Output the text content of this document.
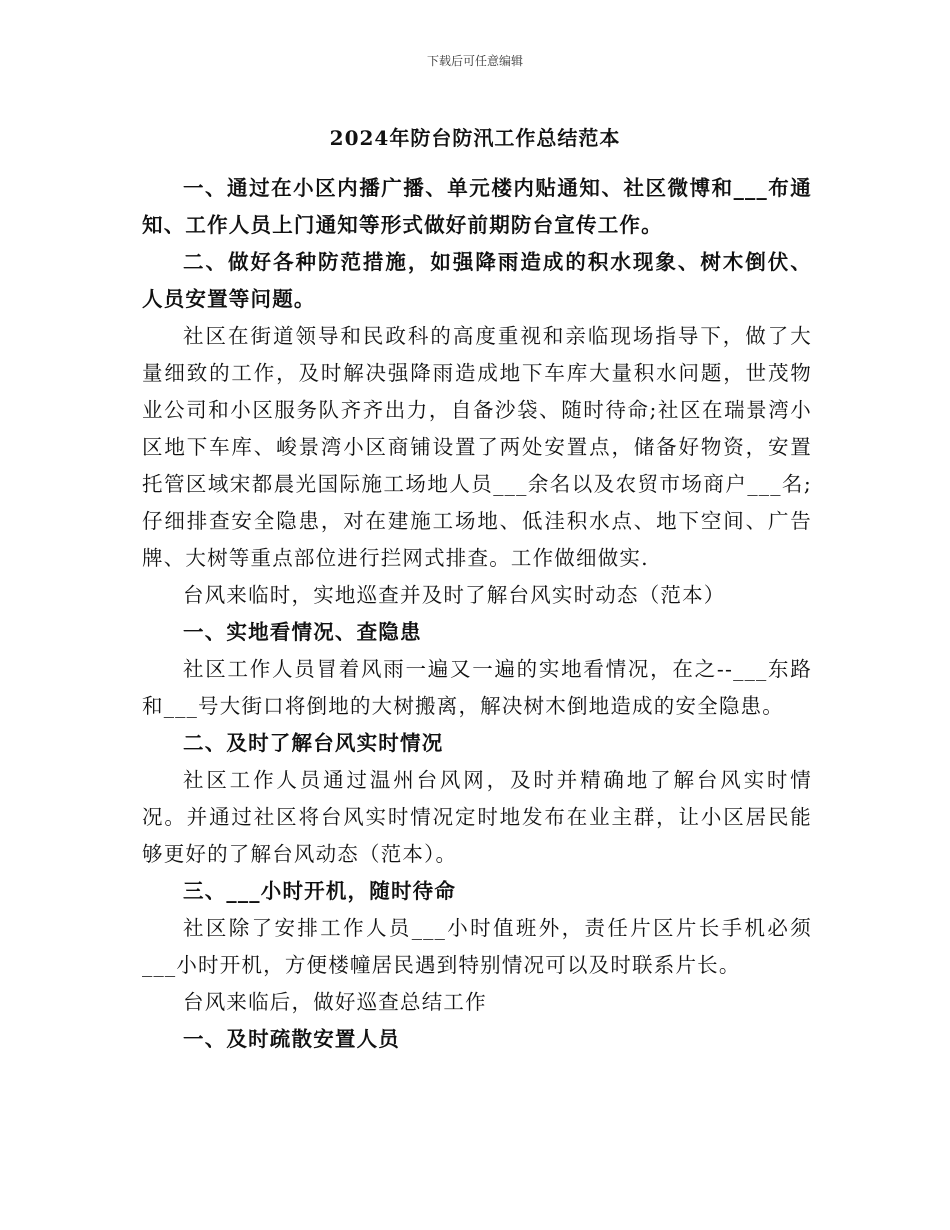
下载后可任意编辑
2024年防台防汛工作总结范本

一、通过在小区内播广播、单元楼内贴通知、社区微博和___布通知、工作人员上门通知等形式做好前期防台宣传工作。

二、做好各种防范措施，如强降雨造成的积水现象、树木倒伏、人员安置等问题。

社区在街道领导和民政科的高度重视和亲临现场指导下，做了大量细致的工作，及时解决强降雨造成地下车库大量积水问题，世茂物业公司和小区服务队齐齐出力，自备沙袋、随时待命;社区在瑞景湾小区地下车库、峻景湾小区商铺设置了两处安置点，储备好物资，安置托管区域宋都晨光国际施工场地人员___余名以及农贸市场商户___名;仔细排查安全隐患，对在建施工场地、低洼积水点、地下空间、广告牌、大树等重点部位进行拦网式排查。工作做细做实.

台风来临时，实地巡查并及时了解台风实时动态（范本）

一、实地看情况、查隐患

社区工作人员冒着风雨一遍又一遍的实地看情况，在之--___东路和___号大街口将倒地的大树搬离，解决树木倒地造成的安全隐患。

二、及时了解台风实时情况

社区工作人员通过温州台风网，及时并精确地了解台风实时情况。并通过社区将台风实时情况定时地发布在业主群，让小区居民能够更好的了解台风动态（范本）。

三、___小时开机，随时待命

社区除了安排工作人员___小时值班外，责任片区片长手机必须___小时开机，方便楼幢居民遇到特别情况可以及时联系片长。

台风来临后，做好巡查总结工作

一、及时疏散安置人员
